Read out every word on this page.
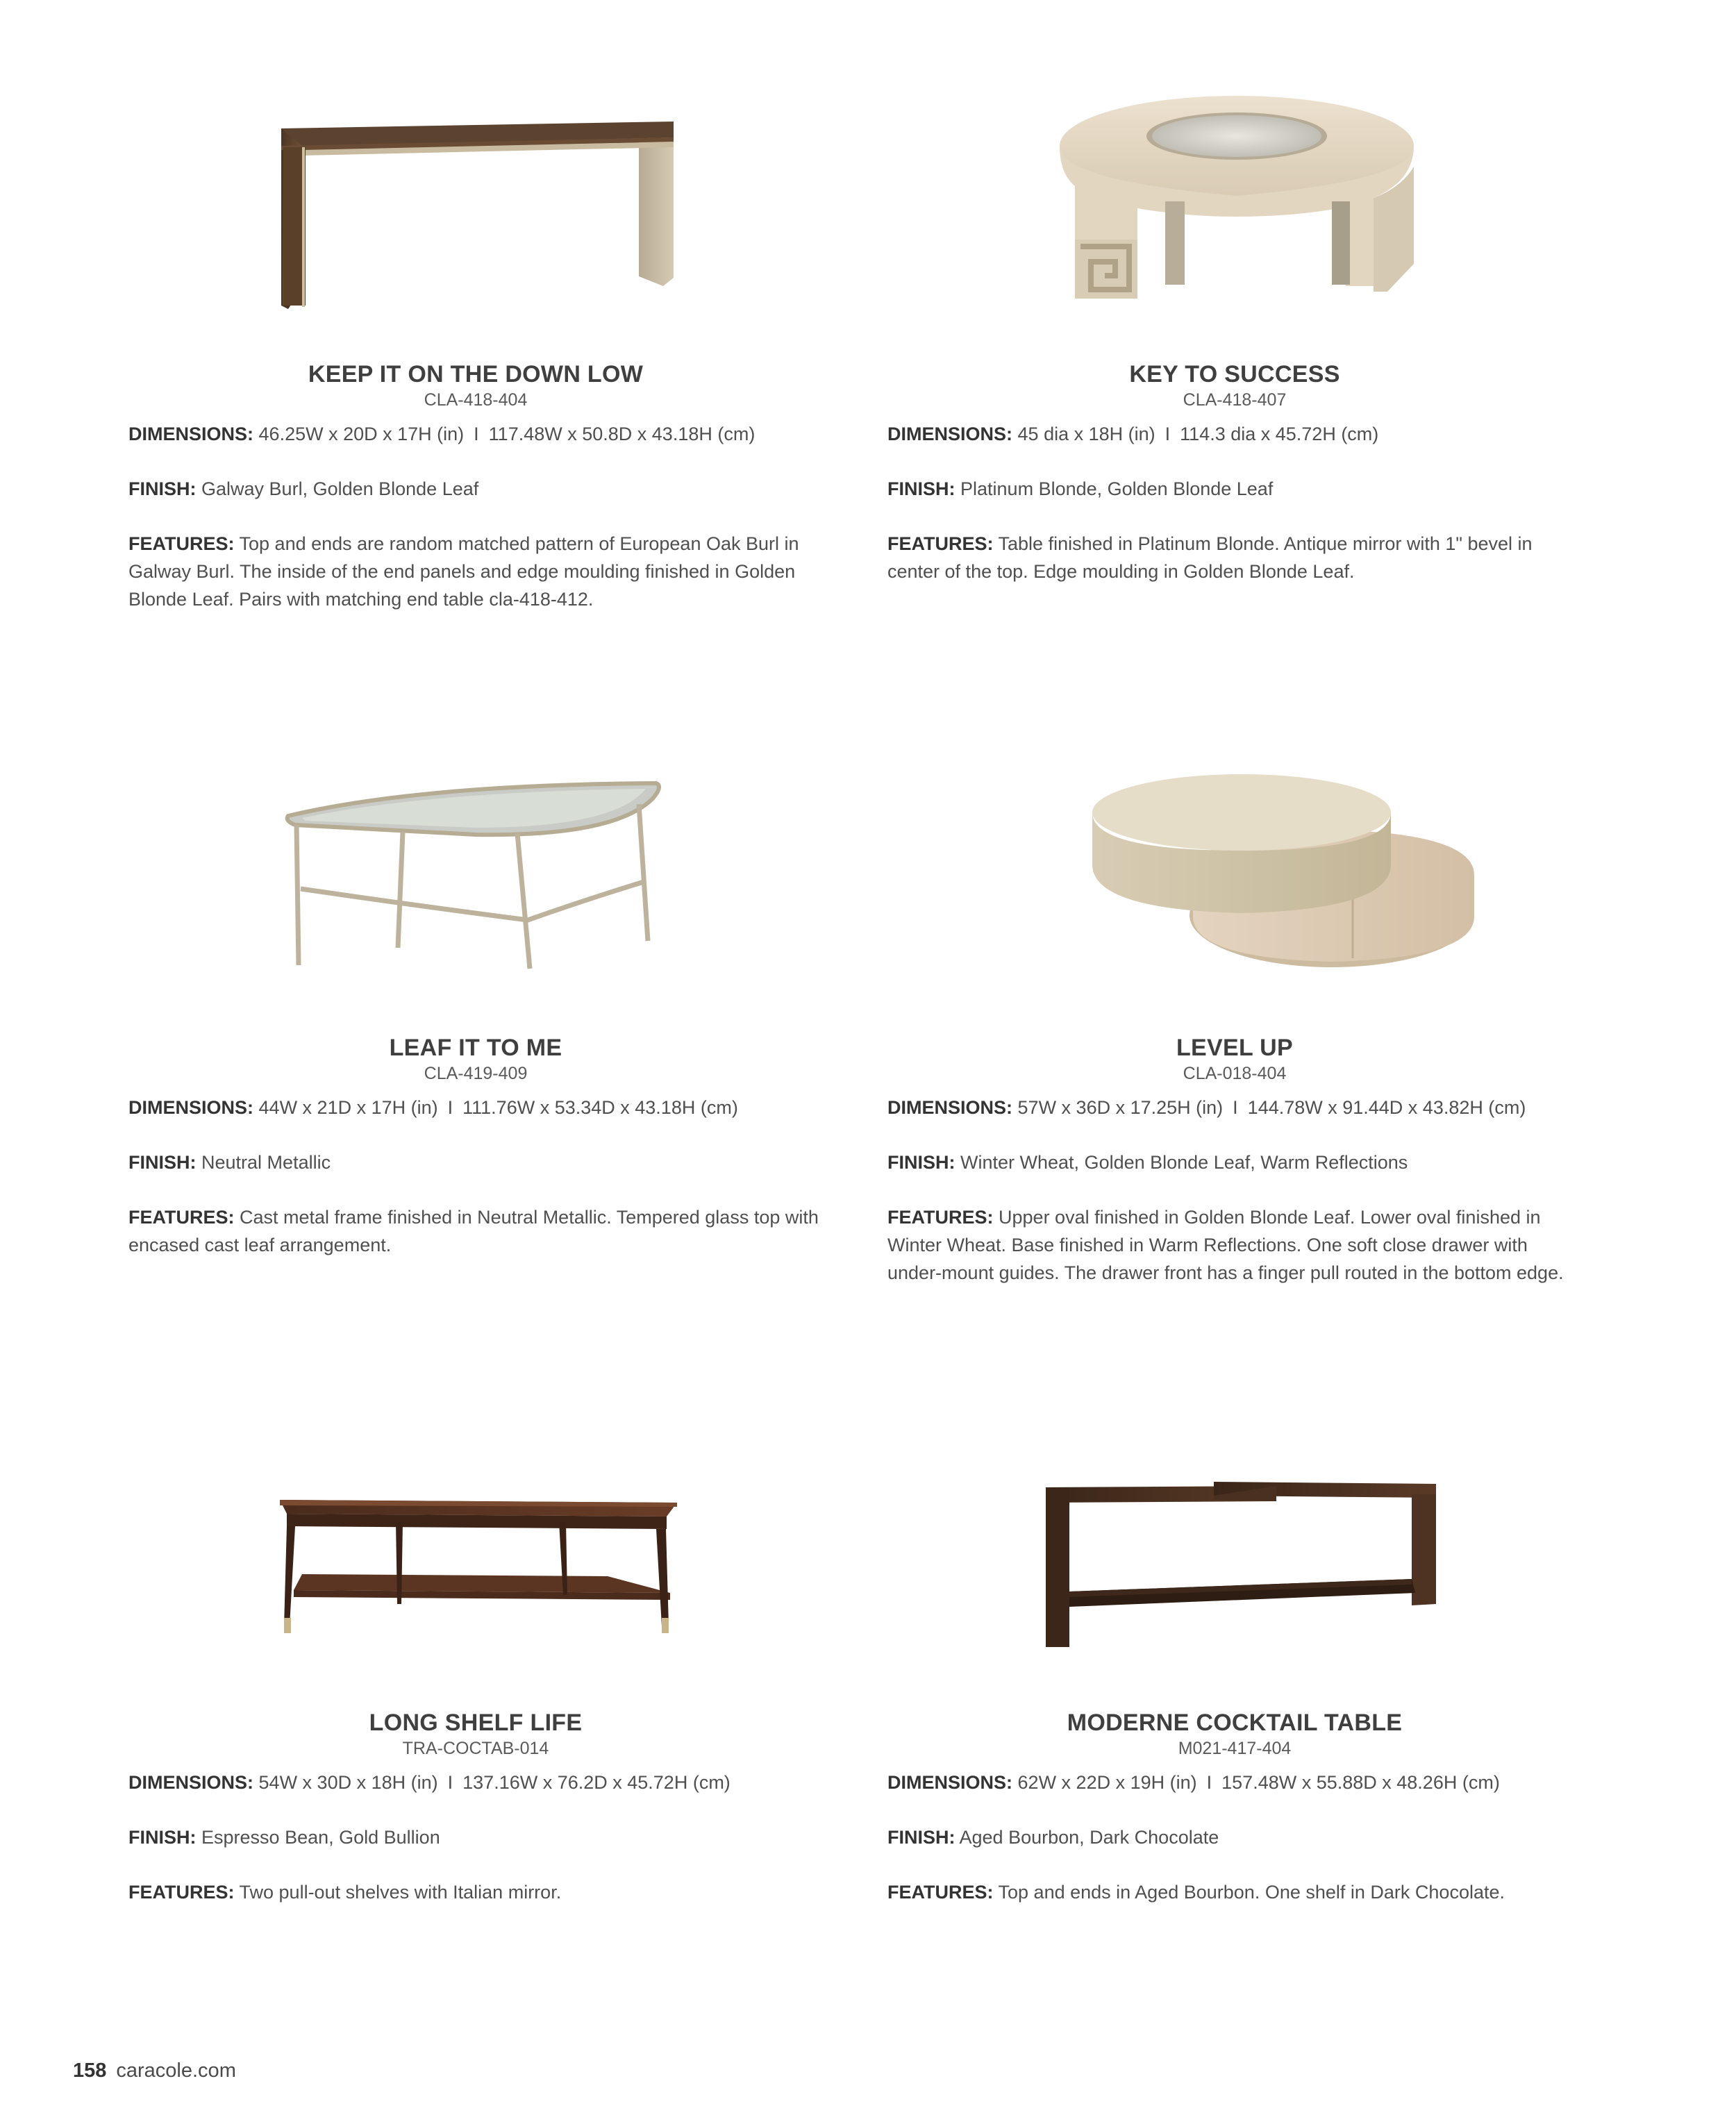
KEEP IT ON THE DOWN LOW
CLA-418-404
DIMENSIONS: 46.25W x 20D x 17H (in) I 117.48W x 50.8D x 43.18H (cm)
FINISH: Galway Burl, Golden Blonde Leaf
FEATURES: Top and ends are random matched pattern of European Oak Burl in Galway Burl. The inside of the end panels and edge moulding finished in Golden Blonde Leaf. Pairs with matching end table cla-418-412.
KEY TO SUCCESS
CLA-418-407
DIMENSIONS: 45 dia x 18H (in) I 114.3 dia x 45.72H (cm)
FINISH: Platinum Blonde, Golden Blonde Leaf
FEATURES: Table finished in Platinum Blonde. Antique mirror with 1" bevel in center of the top. Edge moulding in Golden Blonde Leaf.
LEAF IT TO ME
CLA-419-409
DIMENSIONS: 44W x 21D x 17H (in) I 111.76W x 53.34D x 43.18H (cm)
FINISH: Neutral Metallic
FEATURES: Cast metal frame finished in Neutral Metallic. Tempered glass top with encased cast leaf arrangement.
LEVEL UP
CLA-018-404
DIMENSIONS: 57W x 36D x 17.25H (in) I 144.78W x 91.44D x 43.82H (cm)
FINISH: Winter Wheat, Golden Blonde Leaf, Warm Reflections
FEATURES: Upper oval finished in Golden Blonde Leaf. Lower oval finished in Winter Wheat. Base finished in Warm Reflections. One soft close drawer with under-mount guides. The drawer front has a finger pull routed in the bottom edge.
LONG SHELF LIFE
TRA-COCTAB-014
DIMENSIONS: 54W x 30D x 18H (in) I 137.16W x 76.2D x 45.72H (cm)
FINISH: Espresso Bean, Gold Bullion
FEATURES: Two pull-out shelves with Italian mirror.
MODERNE COCKTAIL TABLE
M021-417-404
DIMENSIONS: 62W x 22D x 19H (in) I 157.48W x 55.88D x 48.26H (cm)
FINISH: Aged Bourbon, Dark Chocolate
FEATURES: Top and ends in Aged Bourbon. One shelf in Dark Chocolate.
158 caracole.com
